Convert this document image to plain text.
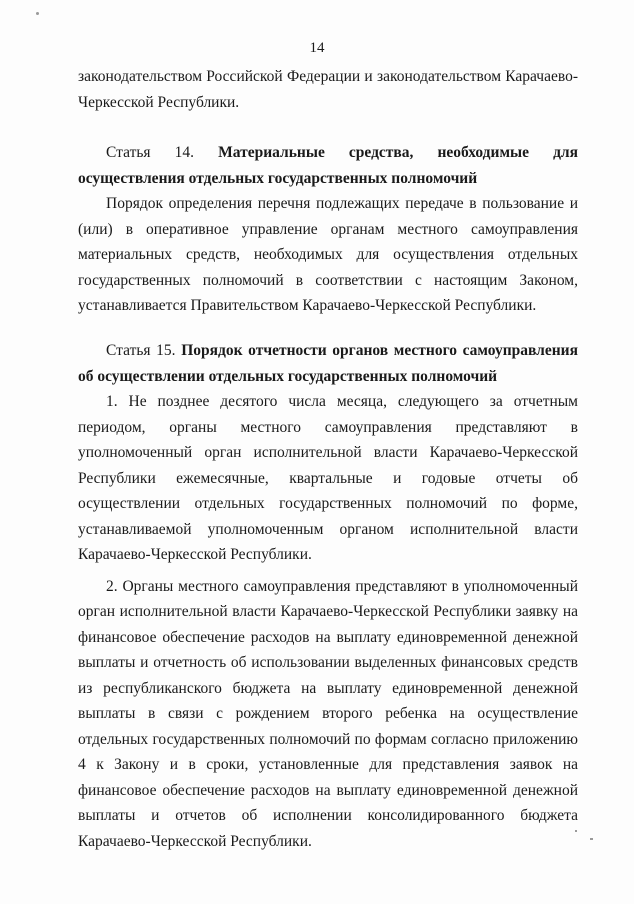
14

законодательством Российской Федерации и законодательством Карачаево-Черкесской Республики.

Статья 14. Материальные средства, необходимые для осуществления отдельных государственных полномочий

Порядок определения перечня подлежащих передаче в пользование и (или) в оперативное управление органам местного самоуправления материальных средств, необходимых для осуществления отдельных государственных полномочий в соответствии с настоящим Законом, устанавливается Правительством Карачаево-Черкесской Республики.

Статья 15. Порядок отчетности органов местного самоуправления об осуществлении отдельных государственных полномочий

1. Не позднее десятого числа месяца, следующего за отчетным периодом, органы местного самоуправления представляют в уполномоченный орган исполнительной власти Карачаево-Черкесской Республики ежемесячные, квартальные и годовые отчеты об осуществлении отдельных государственных полномочий по форме, устанавливаемой уполномоченным органом исполнительной власти Карачаево-Черкесской Республики.

2. Органы местного самоуправления представляют в уполномоченный орган исполнительной власти Карачаево-Черкесской Республики заявку на финансовое обеспечение расходов на выплату единовременной денежной выплаты и отчетность об использовании выделенных финансовых средств из республиканского бюджета на выплату единовременной денежной выплаты в связи с рождением второго ребенка на осуществление отдельных государственных полномочий по формам согласно приложению 4 к Закону и в сроки, установленные для представления заявок на финансовое обеспечение расходов на выплату единовременной денежной выплаты и отчетов об исполнении консолидированного бюджета Карачаево-Черкесской Республики.
